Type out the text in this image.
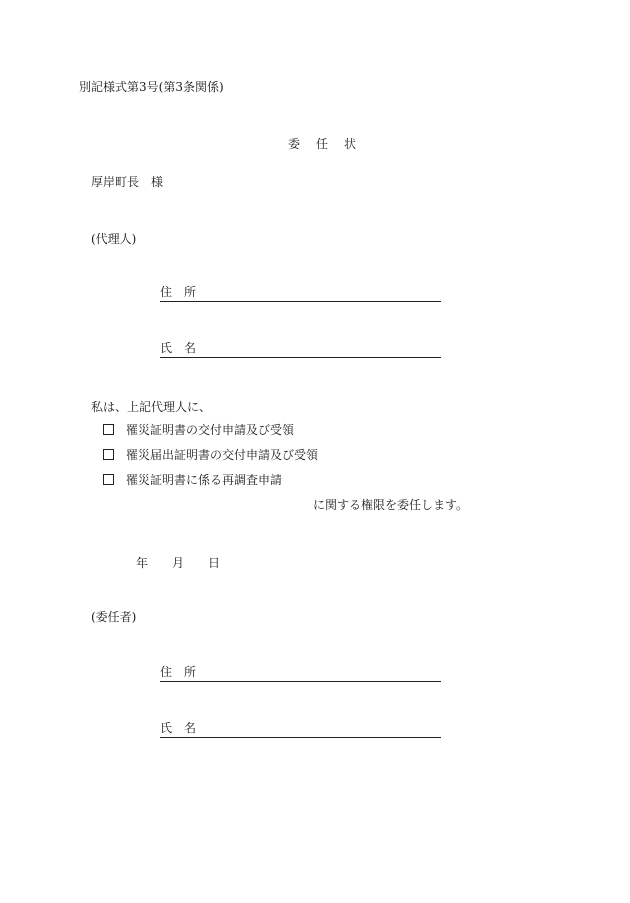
別記様式第3号(第3条関係)
委　任　状
厚岸町長　様
(代理人)
住　所
氏　名
私は、上記代理人に、
罹災証明書の交付申請及び受領
罹災届出証明書の交付申請及び受領
罹災証明書に係る再調査申請
に関する権限を委任します。
年 月 日
(委任者)
住　所
氏　名
